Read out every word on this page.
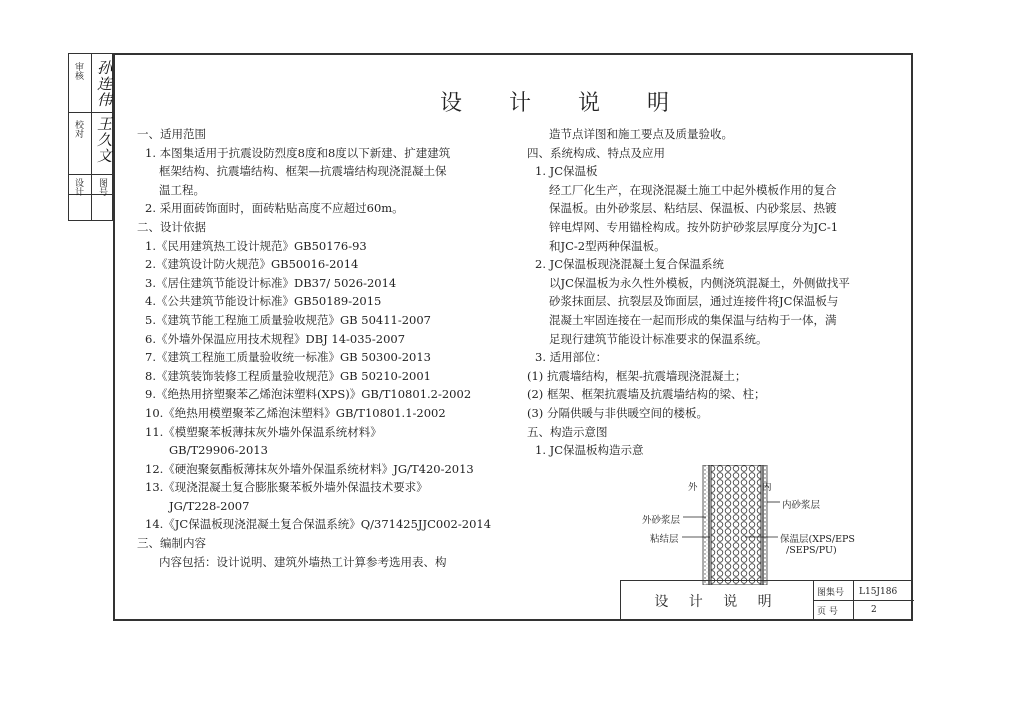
审核 孙连伟
校对 王久文
设计 图号
设 计 说 明
一、适用范围
1. 本图集适用于抗震设防烈度8度和8度以下新建、扩建建筑
框架结构、抗震墙结构、框架—抗震墙结构现浇混凝土保
温工程。
2. 采用面砖饰面时，面砖粘贴高度不应超过60m。
二、设计依据
1.《民用建筑热工设计规范》GB50176-93
2.《建筑设计防火规范》GB50016-2014
3.《居住建筑节能设计标准》DB37/ 5026-2014
4.《公共建筑节能设计标准》GB50189-2015
5.《建筑节能工程施工质量验收规范》GB 50411-2007
6.《外墙外保温应用技术规程》DBJ 14-035-2007
7.《建筑工程施工质量验收统一标准》GB 50300-2013
8.《建筑装饰装修工程质量验收规范》GB 50210-2001
9.《绝热用挤塑聚苯乙烯泡沫塑料(XPS)》GB/T10801.2-2002
10.《绝热用模塑聚苯乙烯泡沫塑料》GB/T10801.1-2002
11.《模塑聚苯板薄抹灰外墙外保温系统材料》
GB/T29906-2013
12.《硬泡聚氨酯板薄抹灰外墙外保温系统材料》JG/T420-2013
13.《现浇混凝土复合膨胀聚苯板外墙外保温技术要求》
JG/T228-2007
14.《JC保温板现浇混凝土复合保温系统》Q/371425JJC002-2014
三、编制内容
内容包括：设计说明、建筑外墙热工计算参考选用表、构
造节点详图和施工要点及质量验收。
四、系统构成、特点及应用
1. JC保温板
经工厂化生产，在现浇混凝土施工中起外模板作用的复合
保温板。由外砂浆层、粘结层、保温板、内砂浆层、热镀
锌电焊网、专用锚栓构成。按外防护砂浆层厚度分为JC-1
和JC-2型两种保温板。
2. JC保温板现浇混凝土复合保温系统
以JC保温板为永久性外模板，内侧浇筑混凝土，外侧做找平
砂浆抹面层、抗裂层及饰面层，通过连接件将JC保温板与
混凝土牢固连接在一起而形成的集保温与结构于一体，满
足现行建筑节能设计标准要求的保温系统。
3. 适用部位：
(1) 抗震墙结构，框架-抗震墙现浇混凝土；
(2) 框架、框架抗震墙及抗震墙结构的梁、柱；
(3) 分隔供暖与非供暖空间的楼板。
五、构造示意图
1. JC保温板构造示意
外	内
内砂浆层
外砂浆层
粘结层	保温层(XPS/EPS
/SEPS/PU)
设 计 说 明
图集号 L15J186
页 号	2
